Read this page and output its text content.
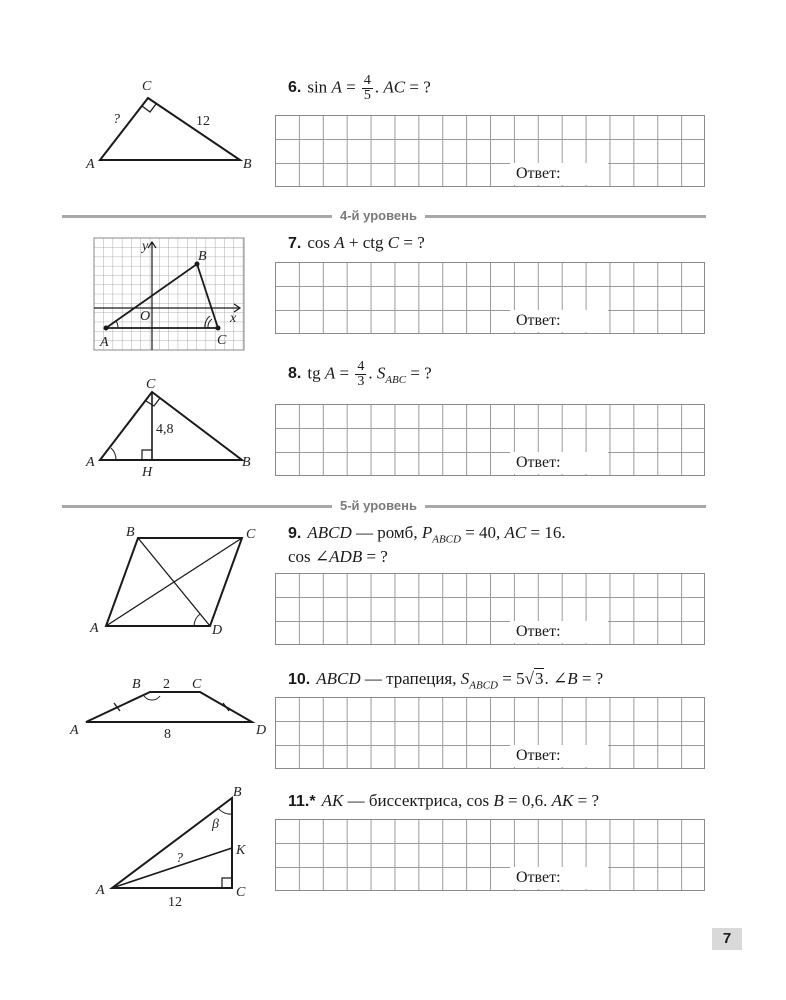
C
A	B
?	12
6. $\sin A = \frac{4}{5}$ . AC = ?
Ответ:
4-й уровень
y
x
O
A
B
C
7. cos A + ctg C = ?
Ответ:
C
A	B
H
4,8
8. tg $A = \frac{4}{3}$ . $S_{ABC}$ = ?
Ответ:
5-й уровень
B	C
A	D
9. ABCD — ромб, $P_{ABCD} = 40$, AC = 16.
cos ∠ADB = ?
Ответ:
B	C
A	D
2
8
10. ABCD — трапеция, $S_{ABCD} = 5√3$. ∠B = ?
Ответ:
B
K
C
A
β
?
12
11.* AK — биссектриса, cos B = 0,6. AK = ?
Ответ:
7
